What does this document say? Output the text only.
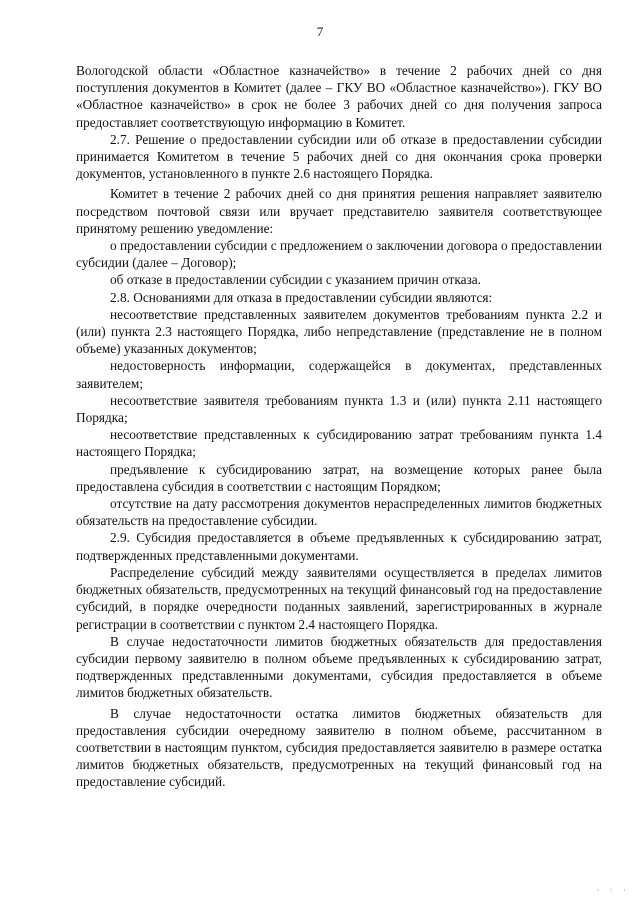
7

Вологодской области «Областное казначейство» в течение 2 рабочих дней со дня поступления документов в Комитет (далее – ГКУ ВО «Областное казначейство»). ГКУ ВО «Областное казначейство» в срок не более 3 рабочих дней со дня получения запроса предоставляет соответствующую информацию в Комитет.

2.7. Решение о предоставлении субсидии или об отказе в предоставлении субсидии принимается Комитетом в течение 5 рабочих дней со дня окончания срока проверки документов, установленного в пункте 2.6 настоящего Порядка.

Комитет в течение 2 рабочих дней со дня принятия решения направляет заявителю посредством почтовой связи или вручает представителю заявителя соответствующее принятому решению уведомление:

о предоставлении субсидии с предложением о заключении договора о предоставлении субсидии (далее – Договор);

об отказе в предоставлении субсидии с указанием причин отказа.

2.8. Основаниями для отказа в предоставлении субсидии являются:

несоответствие представленных заявителем документов требованиям пункта 2.2 и (или) пункта 2.3 настоящего Порядка, либо непредставление (представление не в полном объеме) указанных документов;

недостоверность информации, содержащейся в документах, представленных заявителем;

несоответствие заявителя требованиям пункта 1.3 и (или) пункта 2.11 настоящего Порядка;

несоответствие представленных к субсидированию затрат требованиям пункта 1.4 настоящего Порядка;

предъявление к субсидированию затрат, на возмещение которых ранее была предоставлена субсидия в соответствии с настоящим Порядком;

отсутствие на дату рассмотрения документов нераспределенных лимитов бюджетных обязательств на предоставление субсидии.

2.9. Субсидия предоставляется в объеме предъявленных к субсидированию затрат, подтвержденных представленными документами.

Распределение субсидий между заявителями осуществляется в пределах лимитов бюджетных обязательств, предусмотренных на текущий финансовый год на предоставление субсидий, в порядке очередности поданных заявлений, зарегистрированных в журнале регистрации в соответствии с пунктом 2.4 настоящего Порядка.

В случае недостаточности лимитов бюджетных обязательств для предоставления субсидии первому заявителю в полном объеме предъявленных к субсидированию затрат, подтвержденных представленными документами, субсидия предоставляется в объеме лимитов бюджетных обязательств.

В случае недостаточности остатка лимитов бюджетных обязательств для предоставления субсидии очередному заявителю в полном объеме, рассчитанном в соответствии в настоящим пунктом, субсидия предоставляется заявителю в размере остатка лимитов бюджетных обязательств, предусмотренных на текущий финансовый год на предоставление субсидий.

· · ·
